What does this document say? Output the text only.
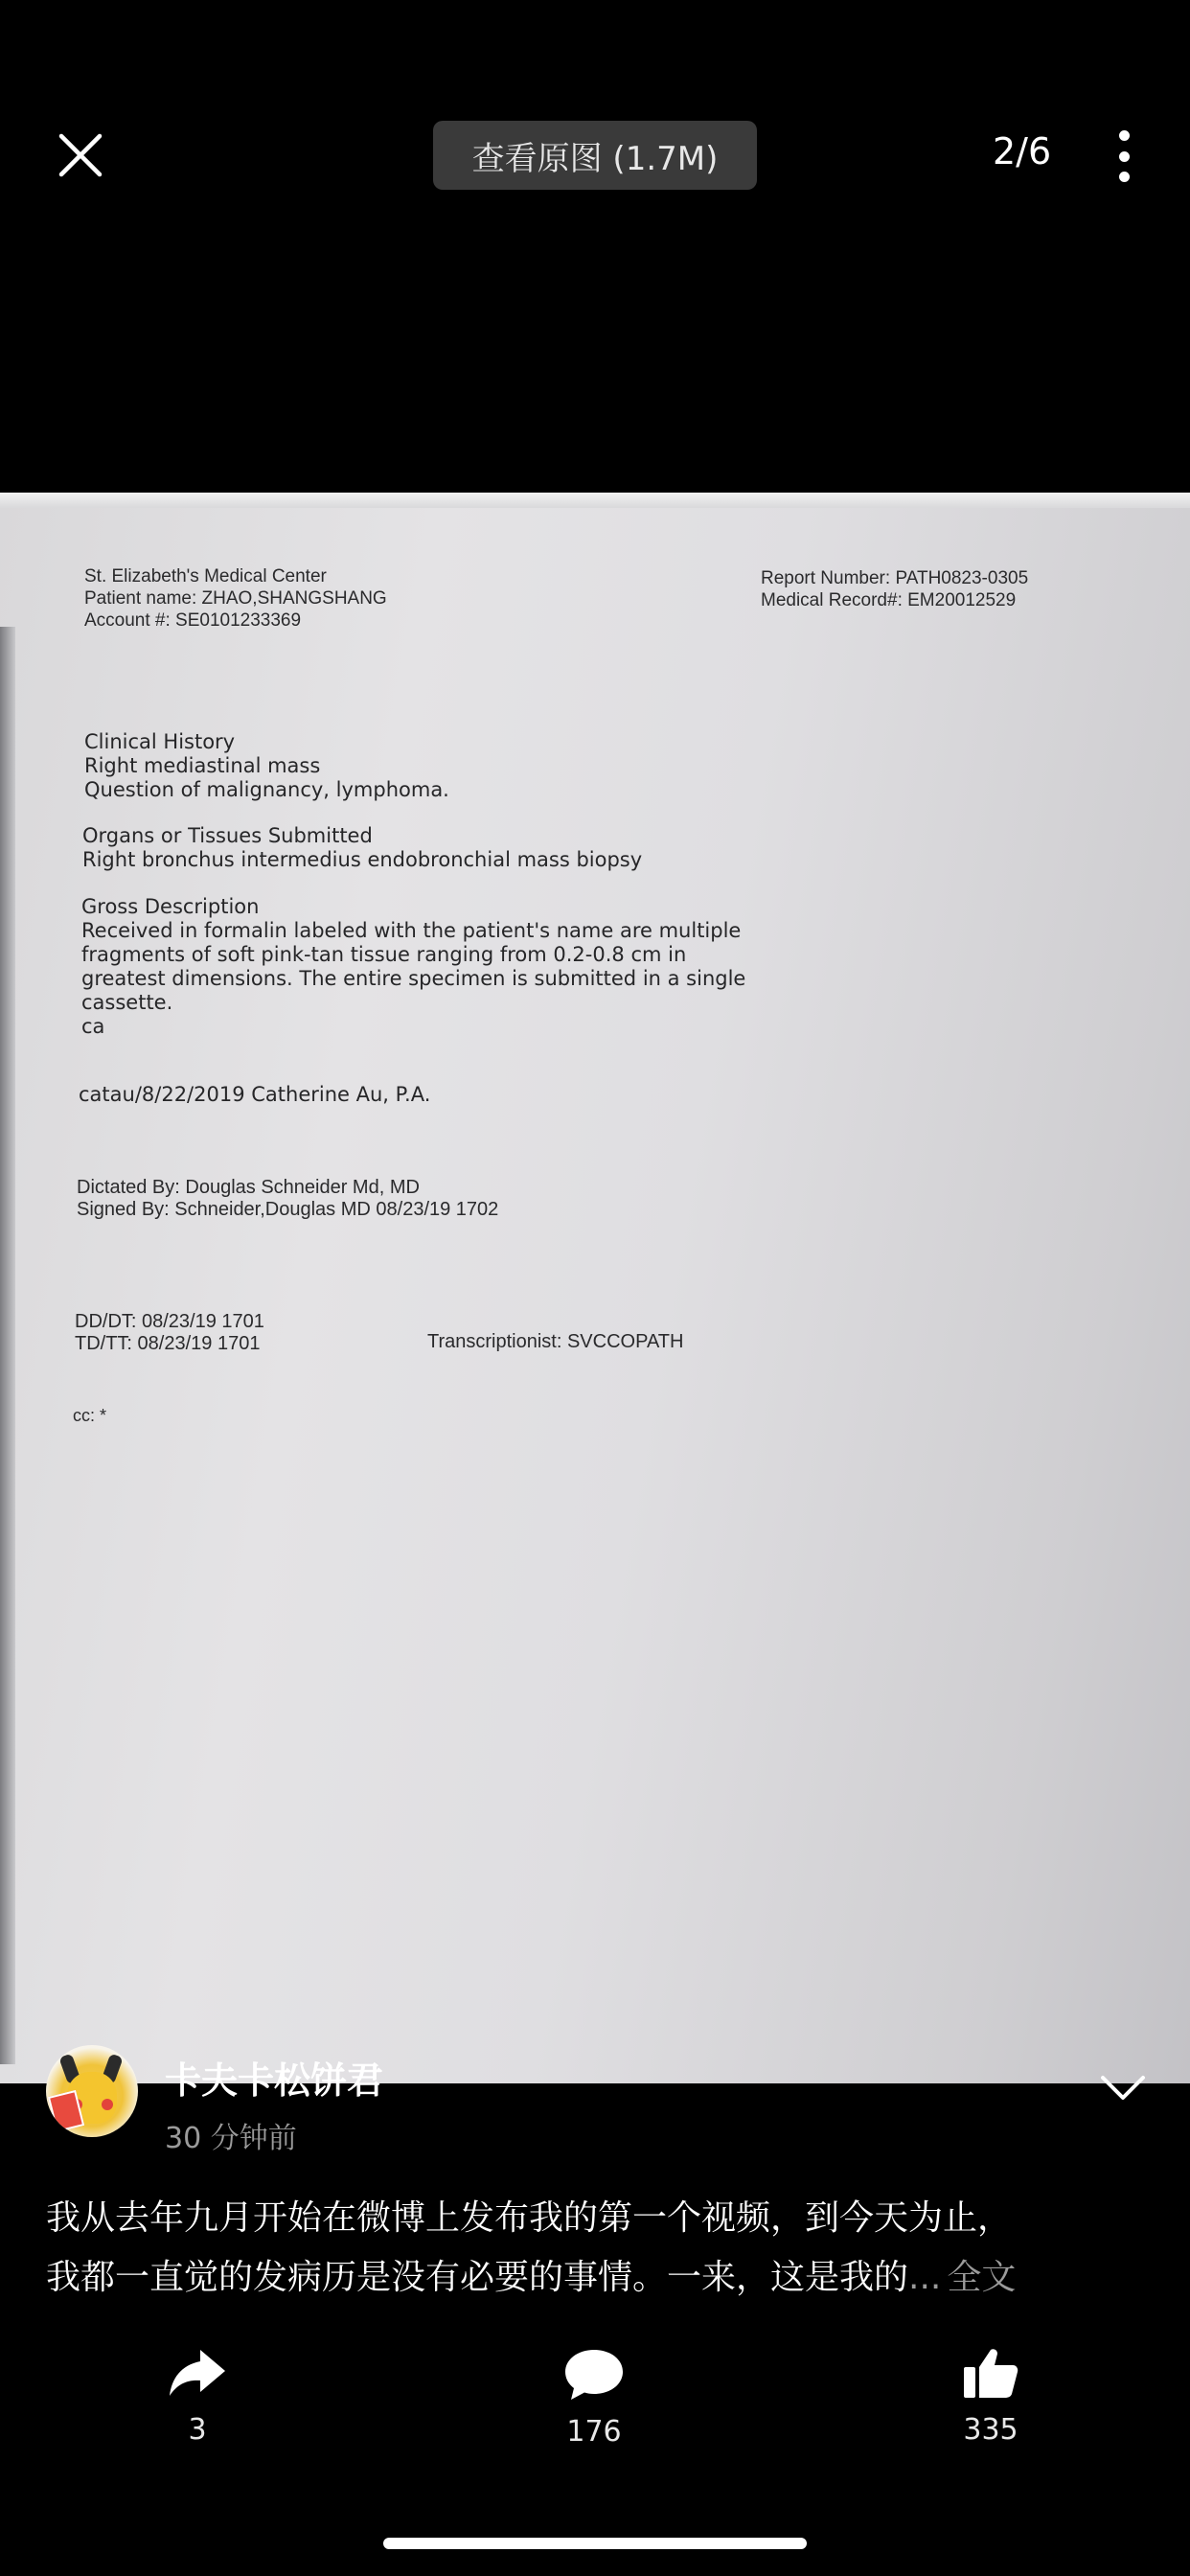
查看原图 (1.7M)	2/6
St. Elizabeth's Medical Center
Patient name: ZHAO,SHANGSHANG
Account #: SE0101233369
Report Number: PATH0823-0305
Medical Record#: EM20012529
Clinical History
Right mediastinal mass
Question of malignancy, lymphoma.
Organs or Tissues Submitted
Right bronchus intermedius endobronchial mass biopsy
Gross Description
Received in formalin labeled with the patient's name are multiple
fragments of soft pink-tan tissue ranging from 0.2-0.8 cm in
greatest dimensions. The entire specimen is submitted in a single
cassette.
ca
catau/8/22/2019 Catherine Au, P.A.
Dictated By: Douglas Schneider Md, MD
Signed By: Schneider,Douglas MD 08/23/19 1702
DD/DT: 08/23/19 1701
TD/TT: 08/23/19 1701	Transcriptionist: SVCCOPATH
cc: *
卡夫卡松饼君
30 分钟前
我从去年九月开始在微博上发布我的第一个视频，到今天为止，
我都一直觉的发病历是没有必要的事情。一来，这是我的... 全文
3	176	335
